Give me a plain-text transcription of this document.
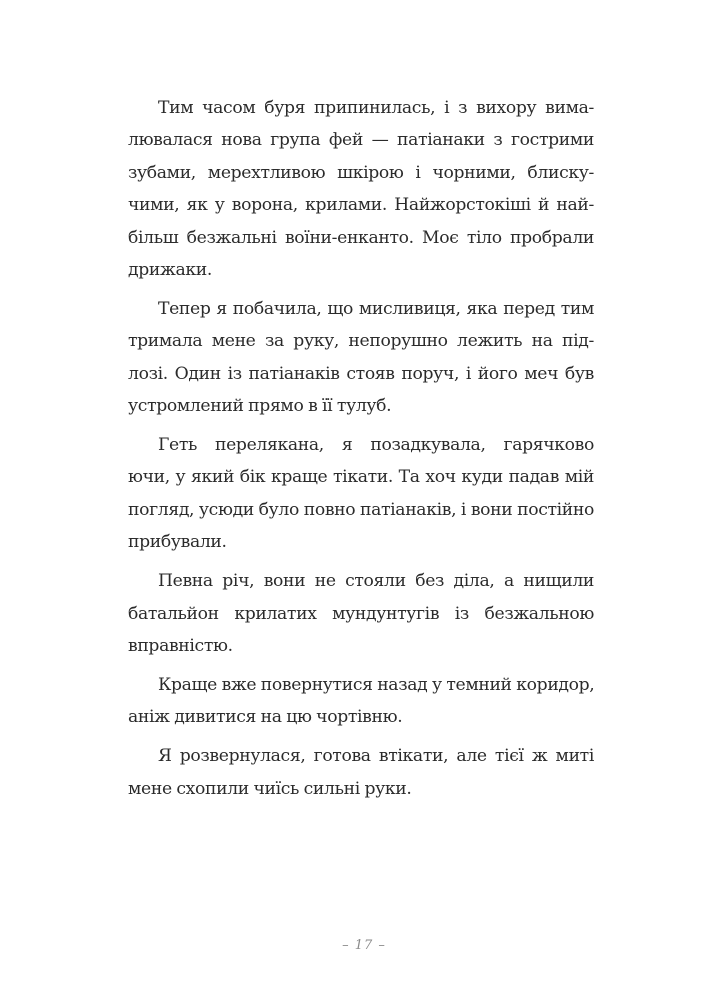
Тим часом буря припинилась, і з вихору вима-
лювалася нова група фей — патіанаки з гострими
зубами, мерехтливою шкірою і чорними, блиску-
чими, як у ворона, крилами. Найжорстокіші й най-
більш безжальні воїни-енканто. Моє тіло пробрали
дрижаки.
Тепер я побачила, що мисливиця, яка перед тим
тримала мене за руку, непорушно лежить на під-
лозі. Один із патіанаків стояв поруч, і його меч був
устромлений прямо в її тулуб.
Геть перелякана, я позадкувала, гарячково
ючи, у який бік краще тікати. Та хоч куди падав мій
погляд, усюди було повно патіанаків, і вони постійно
прибували.
Певна річ, вони не стояли без діла, а нищили
батальйон крилатих мундунтугів із безжальною
вправністю.
Краще вже повернутися назад у темний коридор,
аніж дивитися на цю чортівню.
Я розвернулася, готова втікати, але тієї ж миті
мене схопили чиїсь сильні руки.
– 17 –
